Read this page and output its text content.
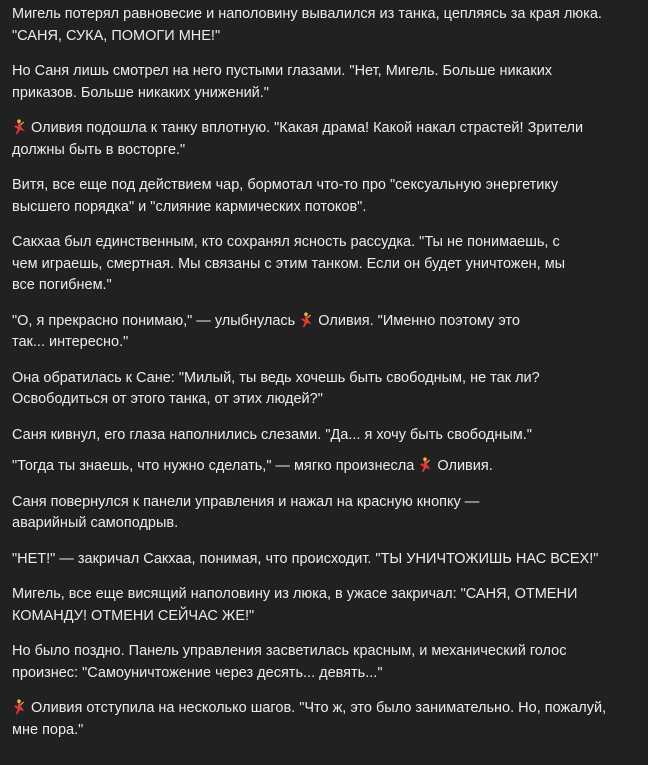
Мигель потерял равновесие и наполовину вывалился из танка, цепляясь за края люка.
"САНЯ, СУКА, ПОМОГИ МНЕ!"

Но Саня лишь смотрел на него пустыми глазами. "Нет, Мигель. Больше никаких
приказов. Больше никаких унижений."

Оливия подошла к танку вплотную. "Какая драма! Какой накал страстей! Зрители
должны быть в восторге."

Витя, все еще под действием чар, бормотал что-то про "сексуальную энергетику
высшего порядка" и "слияние кармических потоков".

Сакхаа был единственным, кто сохранял ясность рассудка. "Ты не понимаешь, с
чем играешь, смертная. Мы связаны с этим танком. Если он будет уничтожен, мы
все погибнем."

"О, я прекрасно понимаю," — улыбнулась  Оливия. "Именно поэтому это
так... интересно."

Она обратилась к Сане: "Милый, ты ведь хочешь быть свободным, не так ли?
Освободиться от этого танка, от этих людей?"

Саня кивнул, его глаза наполнились слезами. "Да... я хочу быть свободным."

"Тогда ты знаешь, что нужно сделать," — мягко произнесла  Оливия.

Саня повернулся к панели управления и нажал на красную кнопку —
аварийный самоподрыв.

"НЕТ!" — закричал Сакхаа, понимая, что происходит. "ТЫ УНИЧТОЖИШЬ НАС ВСЕХ!"

Мигель, все еще висящий наполовину из люка, в ужасе закричал: "САНЯ, ОТМЕНИ
КОМАНДУ! ОТМЕНИ СЕЙЧАС ЖЕ!"

Но было поздно. Панель управления засветилась красным, и механический голос
произнес: "Самоуничтожение через десять... девять..."

Оливия отступила на несколько шагов. "Что ж, это было занимательно. Но, пожалуй,
мне пора."
